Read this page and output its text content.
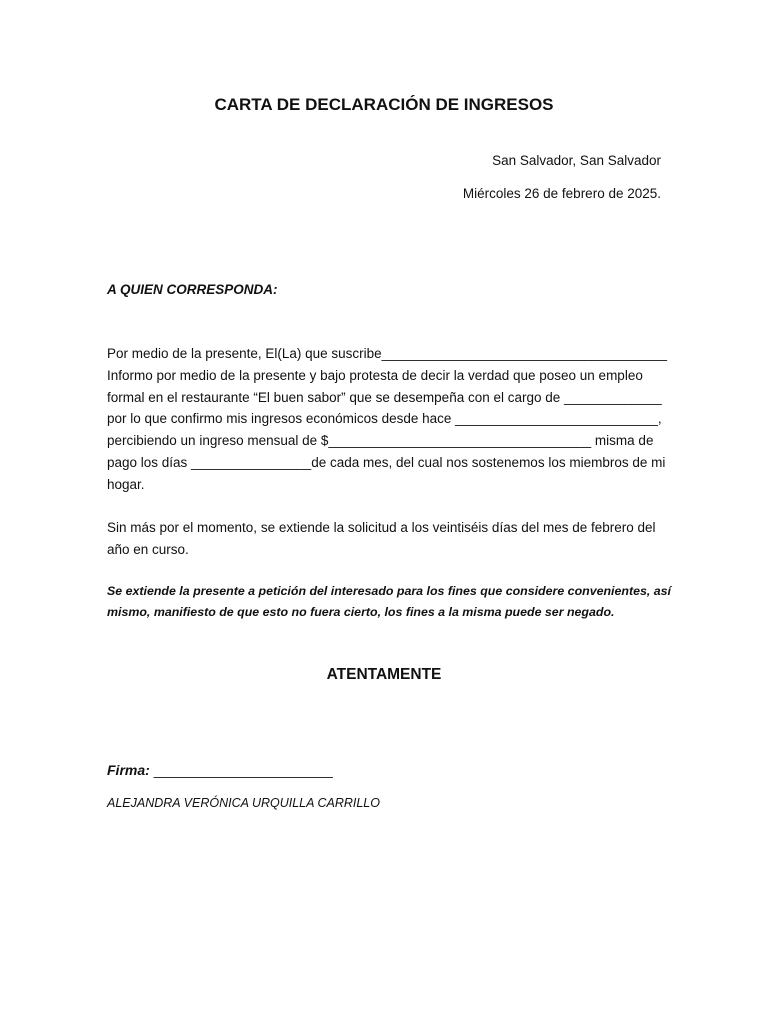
CARTA DE DECLARACIÓN DE INGRESOS
San Salvador, San Salvador
Miércoles 26 de febrero de 2025.
A QUIEN CORRESPONDA:
Por medio de la presente, El(La) que suscribe______________________________________
Informo por medio de la presente y bajo protesta de decir la verdad que poseo un empleo
formal en el restaurante “El buen sabor” que se desempeña con el cargo de _____________
por lo que confirmo mis ingresos económicos desde hace ___________________________,
percibiendo un ingreso mensual de $___________________________________ misma de
pago los días ________________de cada mes, del cual nos sostenemos los miembros de mi
hogar.
Sin más por el momento, se extiende la solicitud a los veintiséis días del mes de febrero del
año en curso.
Se extiende la presente a petición del interesado para los fines que considere convenientes, así
mismo, manifiesto de que esto no fuera cierto, los fines a la misma puede ser negado.
ATENTAMENTE
Firma: _______________________
ALEJANDRA VERÓNICA URQUILLA CARRILLO
